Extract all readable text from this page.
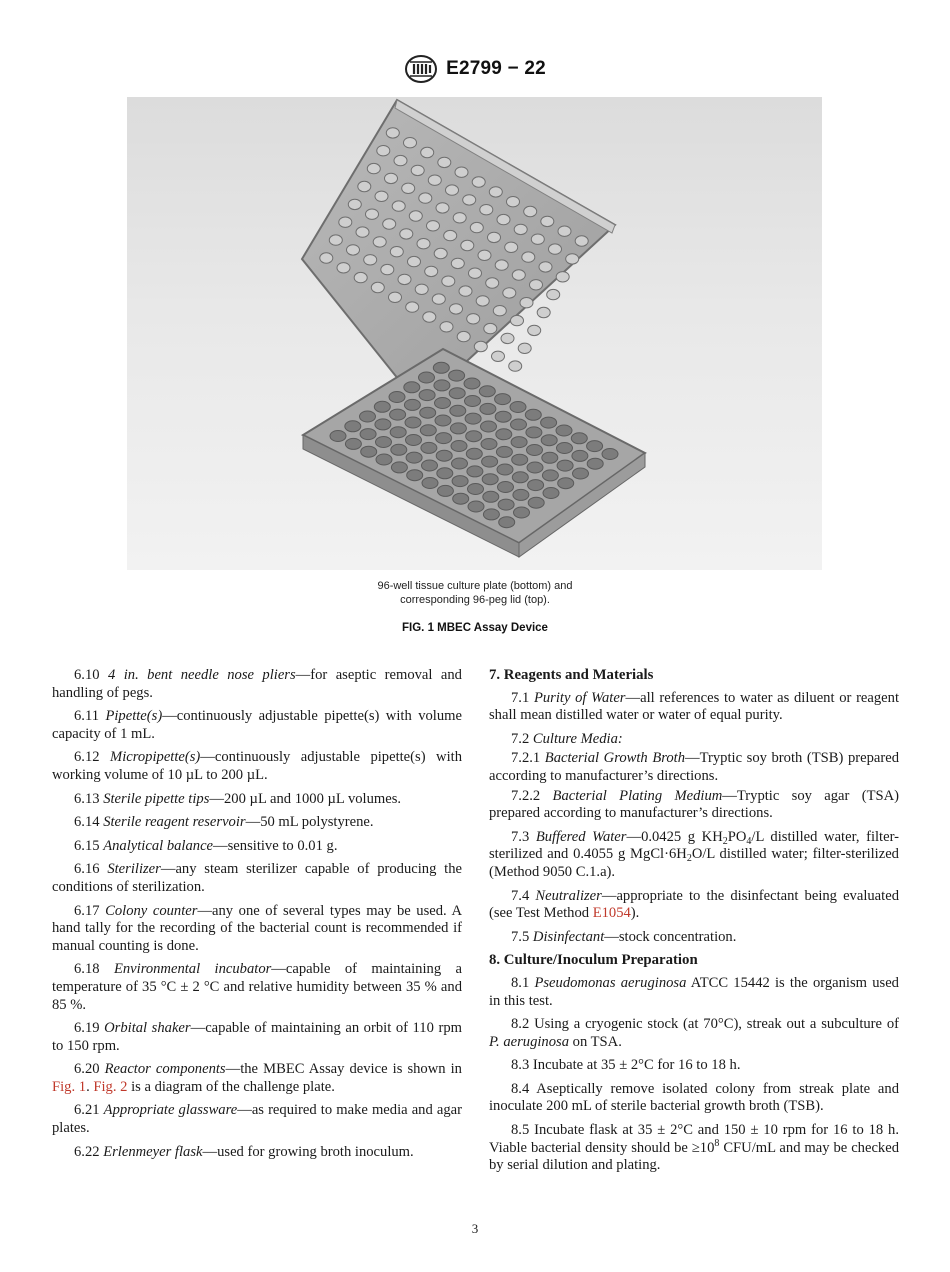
E2799 − 22
96-well tissue culture plate (bottom) and
corresponding 96-peg lid (top).
FIG. 1 MBEC Assay Device

6.10 4 in. bent needle nose pliers—for aseptic removal and handling of pegs.

6.11 Pipette(s)—continuously adjustable pipette(s) with volume capacity of 1 mL.

6.12 Micropipette(s)—continuously adjustable pipette(s) with working volume of 10 µL to 200 µL.

6.13 Sterile pipette tips—200 µL and 1000 µL volumes.

6.14 Sterile reagent reservoir—50 mL polystyrene.

6.15 Analytical balance—sensitive to 0.01 g.

6.16 Sterilizer—any steam sterilizer capable of producing the conditions of sterilization.

6.17 Colony counter—any one of several types may be used. A hand tally for the recording of the bacterial count is recommended if manual counting is done.

6.18 Environmental incubator—capable of maintaining a temperature of 35 °C ± 2 °C and relative humidity between 35 % and 85 %.

6.19 Orbital shaker—capable of maintaining an orbit of 110 rpm to 150 rpm.

6.20 Reactor components—the MBEC Assay device is shown in Fig. 1. Fig. 2 is a diagram of the challenge plate.

6.21 Appropriate glassware—as required to make media and agar plates.

6.22 Erlenmeyer flask—used for growing broth inoculum.

7. Reagents and Materials

7.1 Purity of Water—all references to water as diluent or reagent shall mean distilled water or water of equal purity.

7.2 Culture Media:

7.2.1 Bacterial Growth Broth—Tryptic soy broth (TSB) prepared according to manufacturer’s directions.

7.2.2 Bacterial Plating Medium—Tryptic soy agar (TSA) prepared according to manufacturer’s directions.

7.3 Buffered Water—0.0425 g $KH_2PO_4/L$ distilled water, filter-sterilized and 0.4055 g $MgCl\cdot 6H_2O/L$ distilled water; filter-sterilized (Method 9050 C.1.a).

7.4 Neutralizer—appropriate to the disinfectant being evaluated (see Test Method E1054).

7.5 Disinfectant—stock concentration.

8. Culture/Inoculum Preparation

8.1 Pseudomonas aeruginosa ATCC 15442 is the organism used in this test.

8.2 Using a cryogenic stock (at 70°C), streak out a subculture of P. aeruginosa on TSA.

8.3 Incubate at 35 ± 2°C for 16 to 18 h.

8.4 Aseptically remove isolated colony from streak plate and inoculate 200 mL of sterile bacterial growth broth (TSB).

8.5 Incubate flask at 35 ± 2°C and 150 ± 10 rpm for 16 to 18 h. Viable bacterial density should be $\ge 10^8$ CFU/mL and may be checked by serial dilution and plating.

3
